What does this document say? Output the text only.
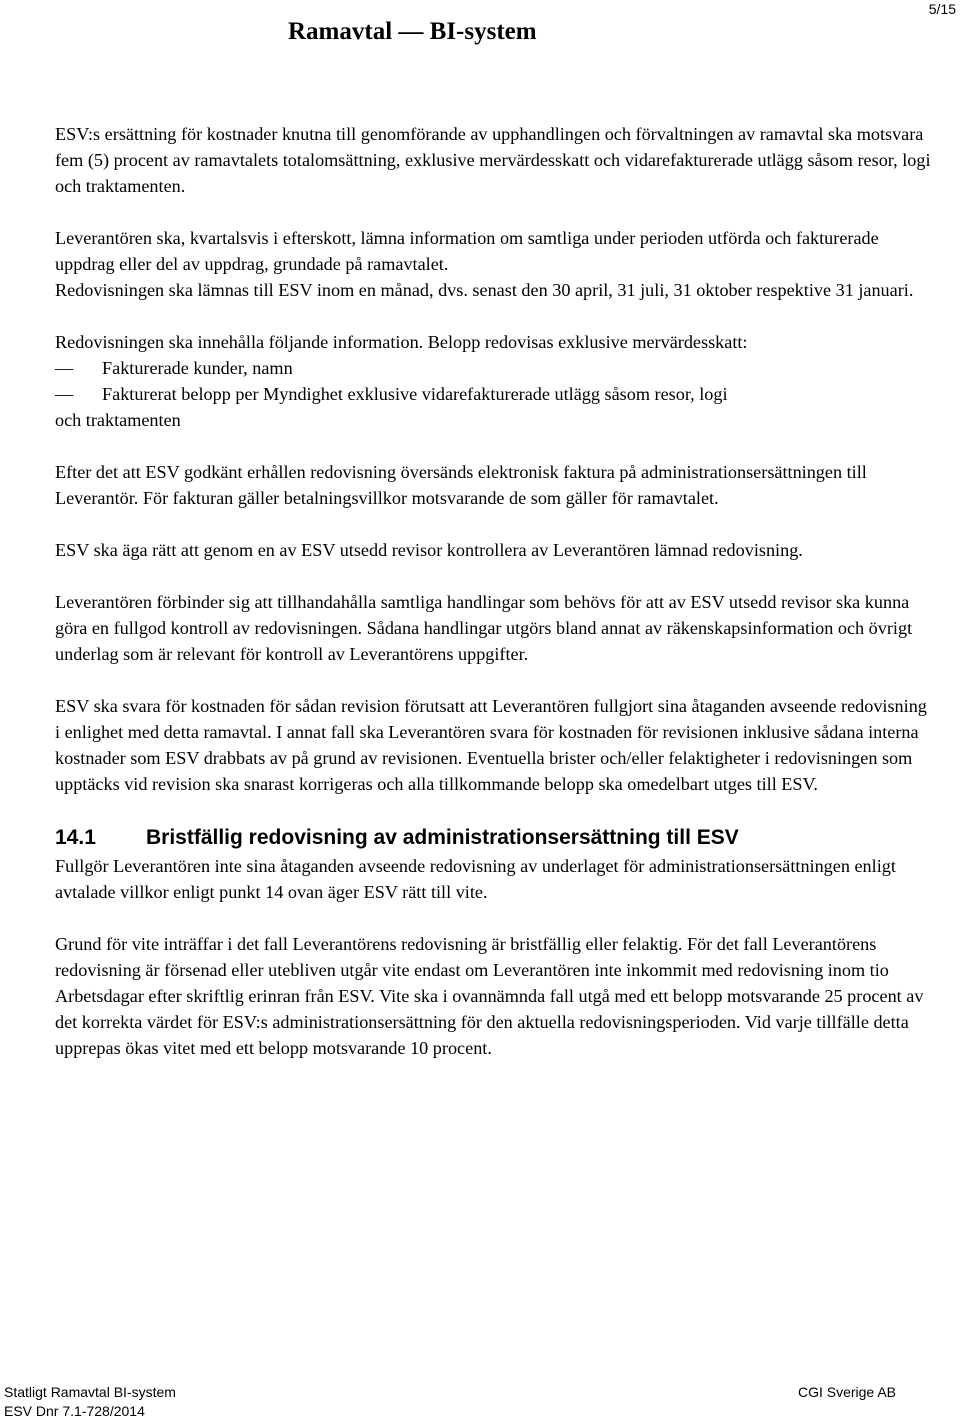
5/15
Ramavtal — BI-system

ESV:s ersättning för kostnader knutna till genomförande av upphandlingen och förvaltningen av ramavtal ska motsvara fem (5) procent av ramavtalets totalomsättning, exklusive mervärdesskatt och vidarefakturerade utlägg såsom resor, logi och traktamenten.

Leverantören ska, kvartalsvis i efterskott, lämna information om samtliga under perioden utförda och fakturerade uppdrag eller del av uppdrag, grundade på ramavtalet.

Redovisningen ska lämnas till ESV inom en månad, dvs. senast den 30 april, 31 juli, 31 oktober respektive 31 januari.

Redovisningen ska innehålla följande information. Belopp redovisas exklusive mervärdesskatt:

—	Fakturerade kunder, namn
—	Fakturerat belopp per Myndighet exklusive vidarefakturerade utlägg såsom resor, logi

och traktamenten

Efter det att ESV godkänt erhållen redovisning översänds elektronisk faktura på administrationsersättningen till Leverantör. För fakturan gäller betalningsvillkor motsvarande de som gäller för ramavtalet.

ESV ska äga rätt att genom en av ESV utsedd revisor kontrollera av Leverantören lämnad redovisning.

Leverantören förbinder sig att tillhandahålla samtliga handlingar som behövs för att av ESV utsedd revisor ska kunna göra en fullgod kontroll av redovisningen. Sådana handlingar utgörs bland annat av räkenskapsinformation och övrigt underlag som är relevant för kontroll av Leverantörens uppgifter.

ESV ska svara för kostnaden för sådan revision förutsatt att Leverantören fullgjort sina åtaganden avseende redovisning i enlighet med detta ramavtal. I annat fall ska Leverantören svara för kostnaden för revisionen inklusive sådana interna kostnader som ESV drabbats av på grund av revisionen. Eventuella brister och/eller felaktigheter i redovisningen som upptäcks vid revision ska snarast korrigeras och alla tillkommande belopp ska omedelbart utges till ESV.

14.1	Bristfällig redovisning av administrationsersättning till ESV

Fullgör Leverantören inte sina åtaganden avseende redovisning av underlaget för administrationsersättningen enligt avtalade villkor enligt punkt 14 ovan äger ESV rätt till vite.

Grund för vite inträffar i det fall Leverantörens redovisning är bristfällig eller felaktig. För det fall Leverantörens redovisning är försenad eller utebliven utgår vite endast om Leverantören inte inkommit med redovisning inom tio Arbetsdagar efter skriftlig erinran från ESV. Vite ska i ovannämnda fall utgå med ett belopp motsvarande 25 procent av det korrekta värdet för ESV:s administrationsersättning för den aktuella redovisningsperioden. Vid varje tillfälle detta upprepas ökas vitet med ett belopp motsvarande 10 procent.

Statligt Ramavtal BI-system
ESV Dnr 7.1-728/2014
CGI Sverige AB
